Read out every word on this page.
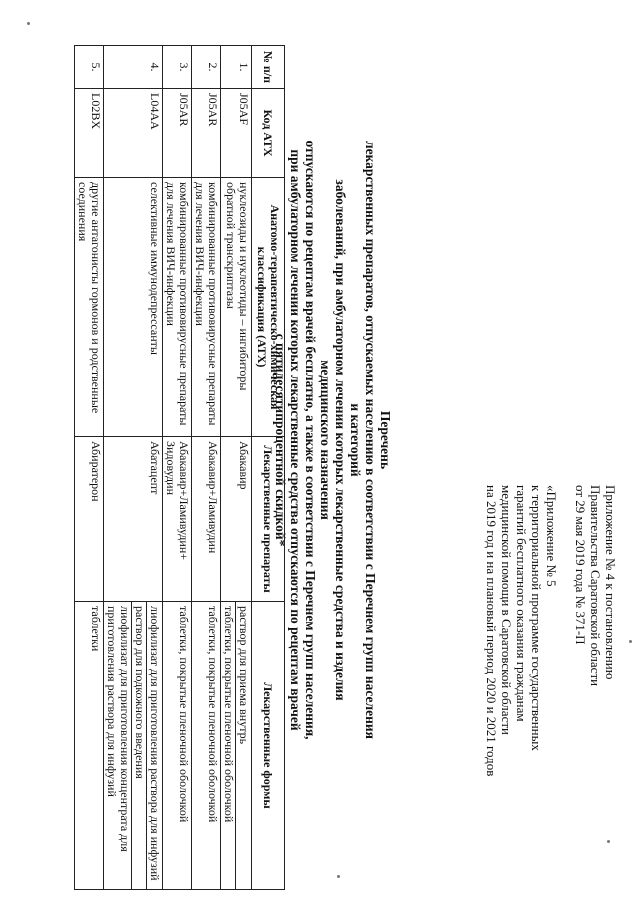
Приложение № 4 к постановлению
Правительства Саратовской области
от 29 мая 2019 года № 371-П
«Приложение № 5
к территориальной программе государственных
гарантий бесплатного оказания гражданам
медицинской помощи в Саратовской области
на 2019 год и на плановый период 2020 и 2021 годов
Перечень
лекарственных препаратов, отпускаемых населению в соответствии с Перечнем групп населения и категорий
заболеваний, при амбулаторном лечении которых лекарственные средства и изделия медицинского назначения
отпускаются по рецептам врачей бесплатно, а также в соответствии с Перечнем групп населения,
при амбулаторном лечении которых лекарственные средства отпускаются по рецептам врачей
с пятидесятипроцентной скидкой*
№ п/п	Код АТХ	Анатомо-терапевтическо-химическая классификация (АТХ)	Лекарственные препараты	Лекарственные формы
1.	J05AF	нуклеозиды и нуклеотиды – ингибиторы обратной транскриптазы	Абакавир	раствор для приема внутрь
таблетки, покрытые пленочной оболочкой

2.	J05AR	комбинированные противовирусные препараты для лечения ВИЧ-инфекции	Абакавир+Ламивудин	таблетки, покрытые пленочной оболочкой

3.	J05AR	комбинированные противовирусные препараты для лечения ВИЧ-инфекции	Абакавир+Ламивудин+ Зидовудин	таблетки, покрытые пленочной оболочкой

4.	L04AA	селективные иммунодепрессанты	Абатацепт	лиофилизат для приготовления раствора для инфузий
раствор для подкожного введения
лиофилизат для приготовления концентрата для приготовления раствора для инфузий

5.	L02BX	другие антагонисты гормонов и родственные соединения	Абиратерон	таблетки
